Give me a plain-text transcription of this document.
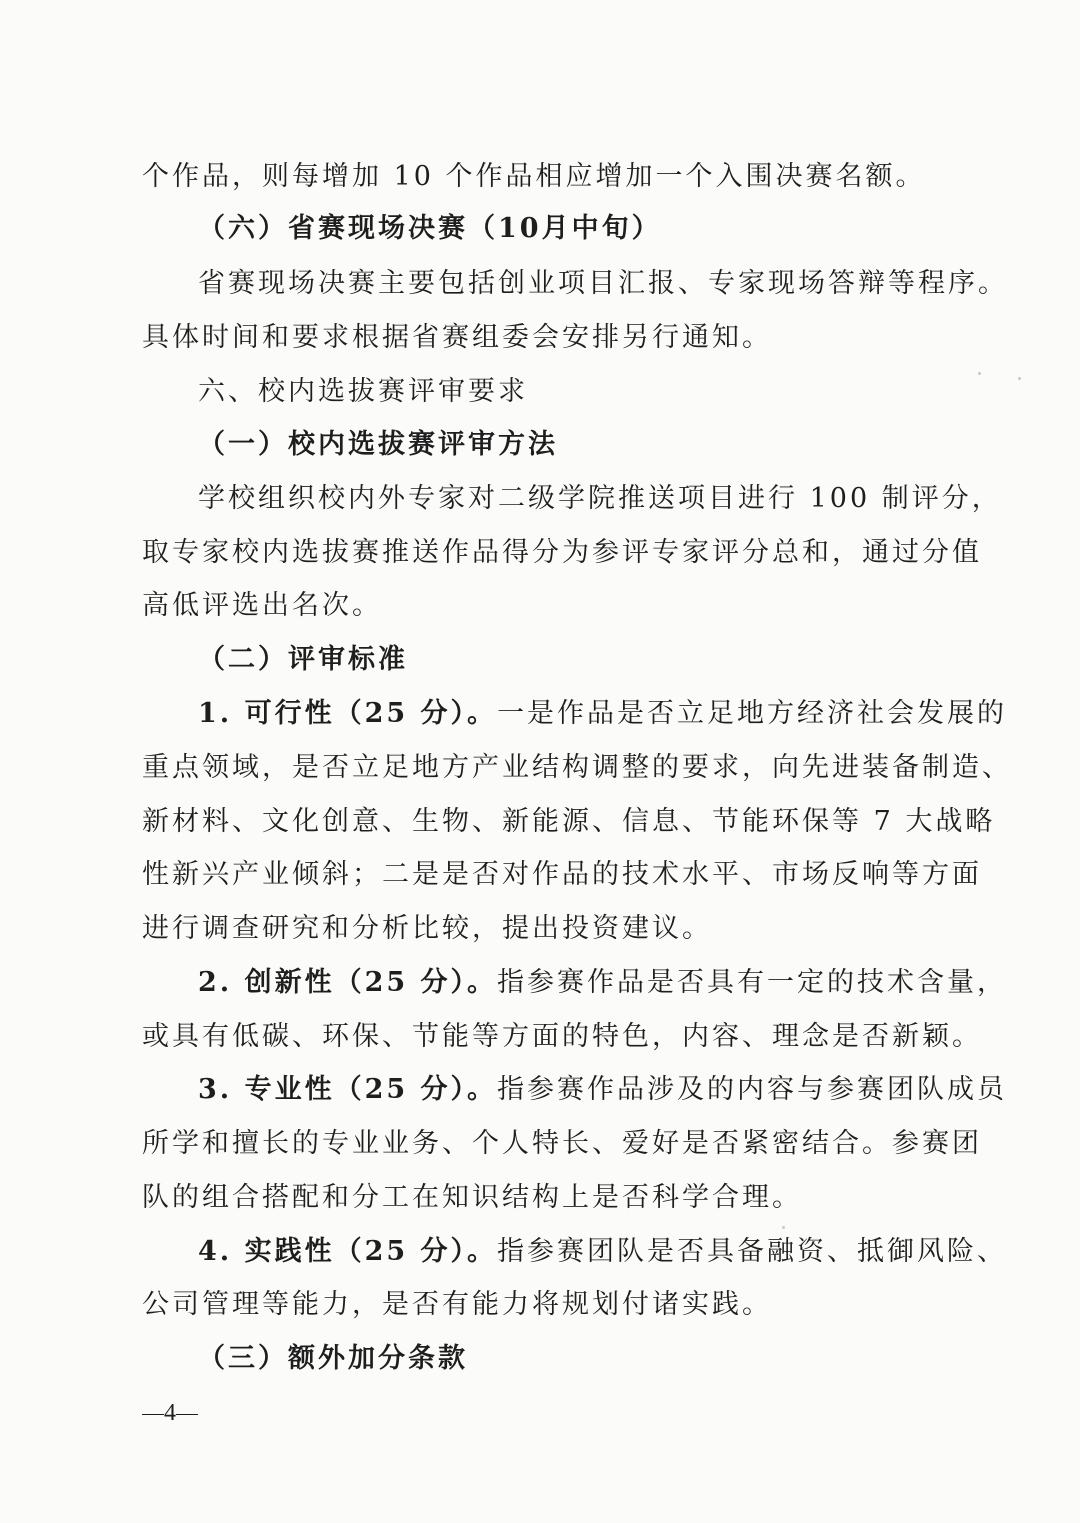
个作品，则每增加 10 个作品相应增加一个入围决赛名额。
（六）省赛现场决赛（10月中旬）
省赛现场决赛主要包括创业项目汇报、专家现场答辩等程序。
具体时间和要求根据省赛组委会安排另行通知。
六、校内选拔赛评审要求
（一）校内选拔赛评审方法
学校组织校内外专家对二级学院推送项目进行 100 制评分，
取专家校内选拔赛推送作品得分为参评专家评分总和，通过分值
高低评选出名次。
（二）评审标准
1. 可行性（25 分）。一是作品是否立足地方经济社会发展的
重点领域，是否立足地方产业结构调整的要求，向先进装备制造、
新材料、文化创意、生物、新能源、信息、节能环保等 7 大战略
性新兴产业倾斜；二是是否对作品的技术水平、市场反响等方面
进行调查研究和分析比较，提出投资建议。
2. 创新性（25 分）。指参赛作品是否具有一定的技术含量，
或具有低碳、环保、节能等方面的特色，内容、理念是否新颖。
3. 专业性（25 分）。指参赛作品涉及的内容与参赛团队成员
所学和擅长的专业业务、个人特长、爱好是否紧密结合。参赛团
队的组合搭配和分工在知识结构上是否科学合理。
4. 实践性（25 分）。指参赛团队是否具备融资、抵御风险、
公司管理等能力，是否有能力将规划付诸实践。
（三）额外加分条款
4
